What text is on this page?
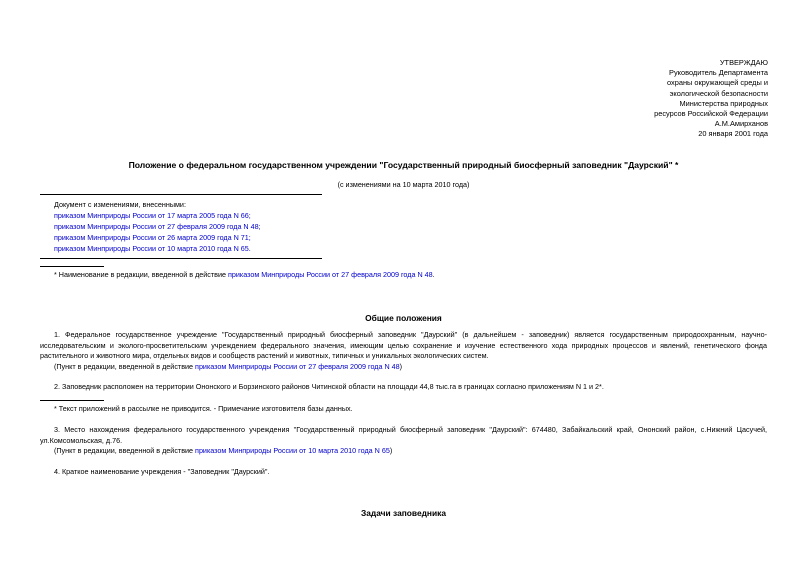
УТВЕРЖДАЮ
Руководитель Департамента
охраны окружающей среды и
экологической безопасности
Министерства природных
ресурсов Российской Федерации
А.М.Амирханов
20 января 2001 года
Положение о федеральном государственном учреждении "Государственный природный биосферный заповедник "Даурский" *
(с изменениями на 10 марта 2010 года)
Документ с изменениями, внесенными:
приказом Минприроды России от 17 марта 2005 года N 66;
приказом Минприроды России от 27 февраля 2009 года N 48;
приказом Минприроды России от 26 марта 2009 года N 71;
приказом Минприроды России от 10 марта 2010 года N 65.
* Наименование в редакции, введенной в действие приказом Минприроды России от 27 февраля 2009 года N 48.
Общие положения
1. Федеральное государственное учреждение "Государственный природный биосферный заповедник "Даурский" (в дальнейшем - заповедник) является государственным природоохранным, научно-исследовательским и эколого-просветительским учреждением федерального значения, имеющим целью сохранение и изучение естественного хода природных процессов и явлений, генетического фонда растительного и животного мира, отдельных видов и сообществ растений и животных, типичных и уникальных экологических систем.
(Пункт в редакции, введенной в действие приказом Минприроды России от 27 февраля 2009 года N 48)
2. Заповедник расположен на территории Ононского и Борзинского районов Читинской области на площади 44,8 тыс.га в границах согласно приложениям N 1 и 2*.
* Текст приложений в рассылке не приводится. - Примечание изготовителя базы данных.
3. Место нахождения федерального государственного учреждения "Государственный природный биосферный заповедник "Даурский": 674480, Забайкальский край, Ононский район, с.Нижний Цасучей, ул.Комсомольская, д.76.
(Пункт в редакции, введенной в действие приказом Минприроды России от 10 марта 2010 года N 65)
4. Краткое наименование учреждения - "Заповедник "Даурский".
Задачи заповедника
